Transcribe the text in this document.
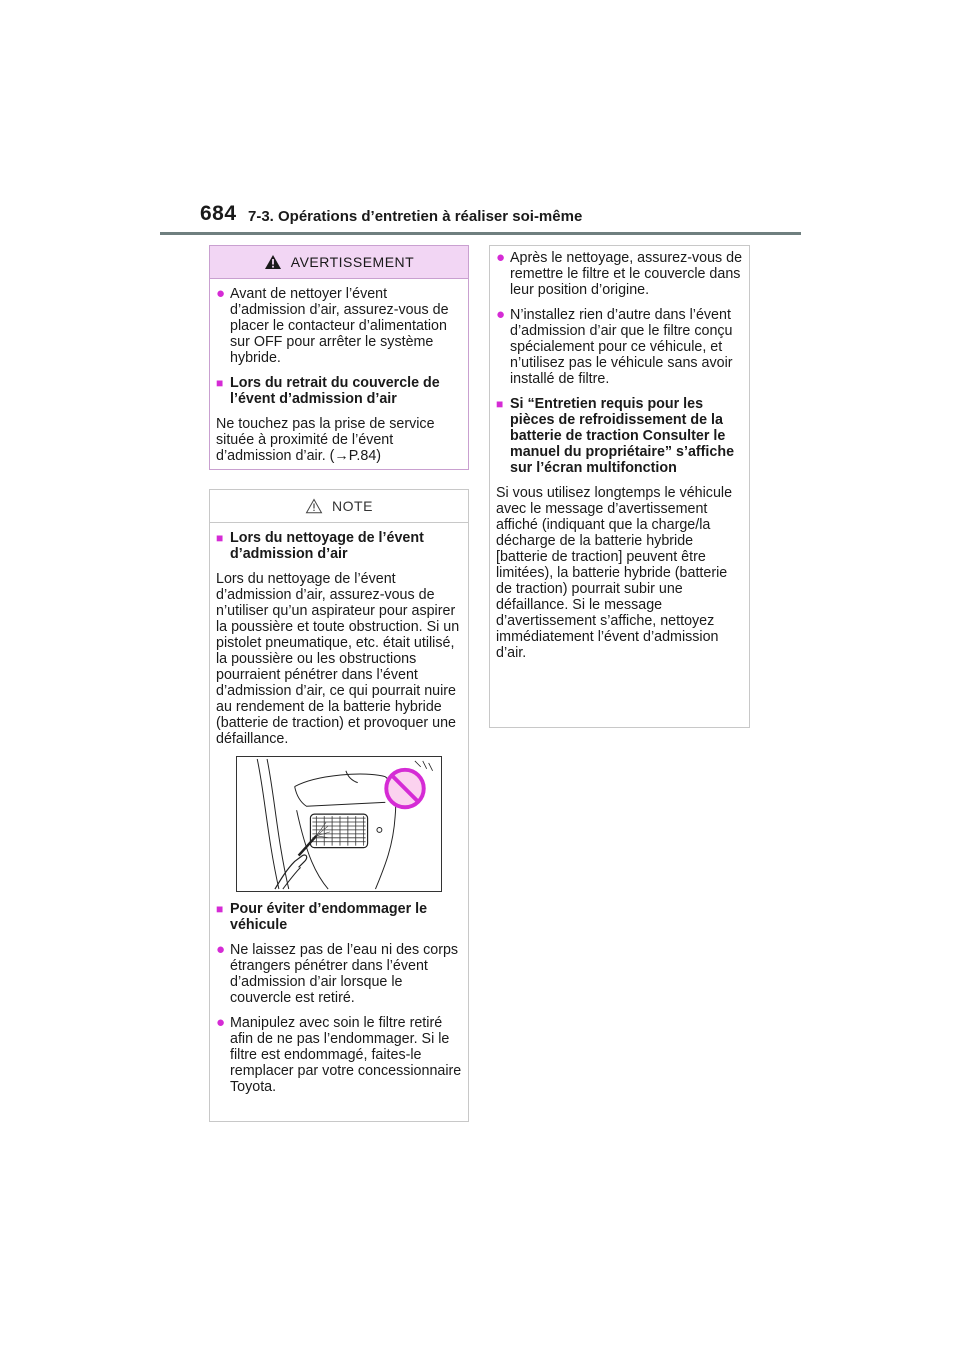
684 7-3. Opérations d’entretien à réaliser soi-même
AVERTISSEMENT
● Avant de nettoyer l’évent d’admission d’air, assurez-vous de placer le contacteur d’alimentation sur OFF pour arrêter le système hybride.
■ Lors du retrait du couvercle de l’évent d’admission d’air

Ne touchez pas la prise de service située à proximité de l’évent d’admission d’air. (→P.84)

NOTE
■ Lors du nettoyage de l’évent d’admission d’air

Lors du nettoyage de l’évent d’admission d’air, assurez-vous de n’utiliser qu’un aspirateur pour aspirer la poussière et toute obstruction. Si un pistolet pneumatique, etc. était utilisé, la poussière ou les obstructions pourraient pénétrer dans l’évent d’admission d’air, ce qui pourrait nuire au rendement de la batterie hybride (batterie de traction) et provoquer une défaillance.

■ Pour éviter d’endommager le véhicule
● Ne laissez pas de l’eau ni des corps étrangers pénétrer dans l’évent d’admission d’air lorsque le couvercle est retiré.
● Manipulez avec soin le filtre retiré afin de ne pas l’endommager. Si le filtre est endommagé, faites-le remplacer par votre concessionnaire Toyota.
● Après le nettoyage, assurez-vous de remettre le filtre et le couvercle dans leur position d’origine.
● N’installez rien d’autre dans l’évent d’admission d’air que le filtre conçu spécialement pour ce véhicule, et n’utilisez pas le véhicule sans avoir installé de filtre.
■ Si “Entretien requis pour les pièces de refroidissement de la batterie de traction Consulter le manuel du propriétaire” s’affiche sur l’écran multifonction

Si vous utilisez longtemps le véhicule avec le message d’avertissement affiché (indiquant que la charge/la décharge de la batterie hybride [batterie de traction] peuvent être limitées), la batterie hybride (batterie de traction) pourrait subir une défaillance. Si le message d’avertissement s’affiche, nettoyez immédiatement l’évent d’admission d’air.
